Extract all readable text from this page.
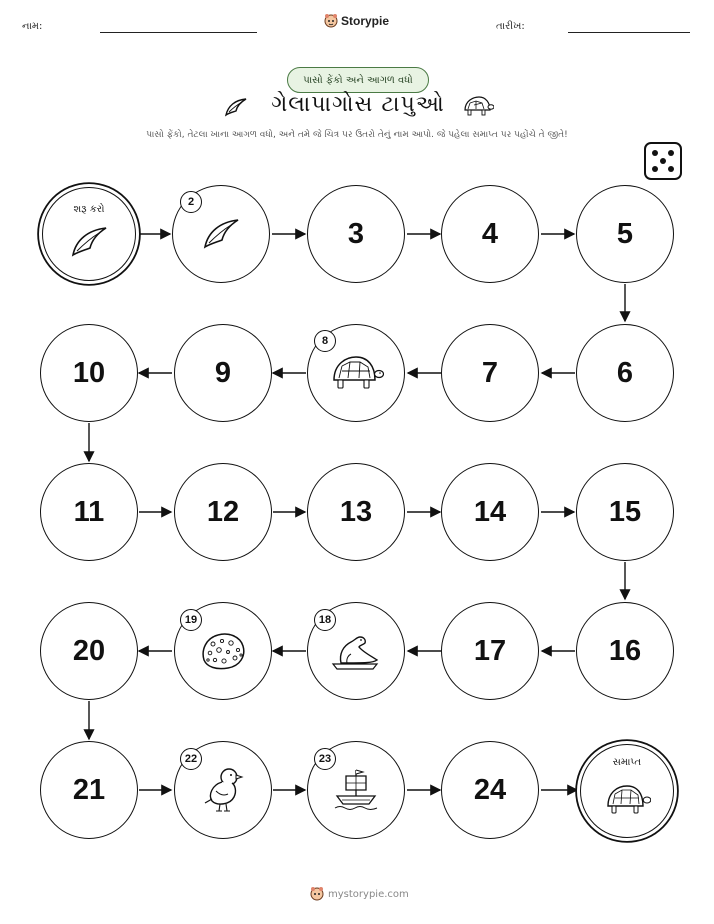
નામ:	Storypie	તારીખ:
પાસો ફેંકો અને આગળ વધો
ગેલાપાગોસ ટાપુઓ
પાસો ફેંકો, તેટલા ખાના આગળ વધો, અને તમે જે ચિત્ર પર ઉતરો તેનું નામ આપો. જે પહેલા સમાપ્ત પર પહોંચે તે જીતે!
શરૂ કરો
2
3	4	5
10	9
8
7	6
11	12	13	14	15
20
19	18
17	16
21
22	23
24
સમાપ્ત
mystorypie.com
